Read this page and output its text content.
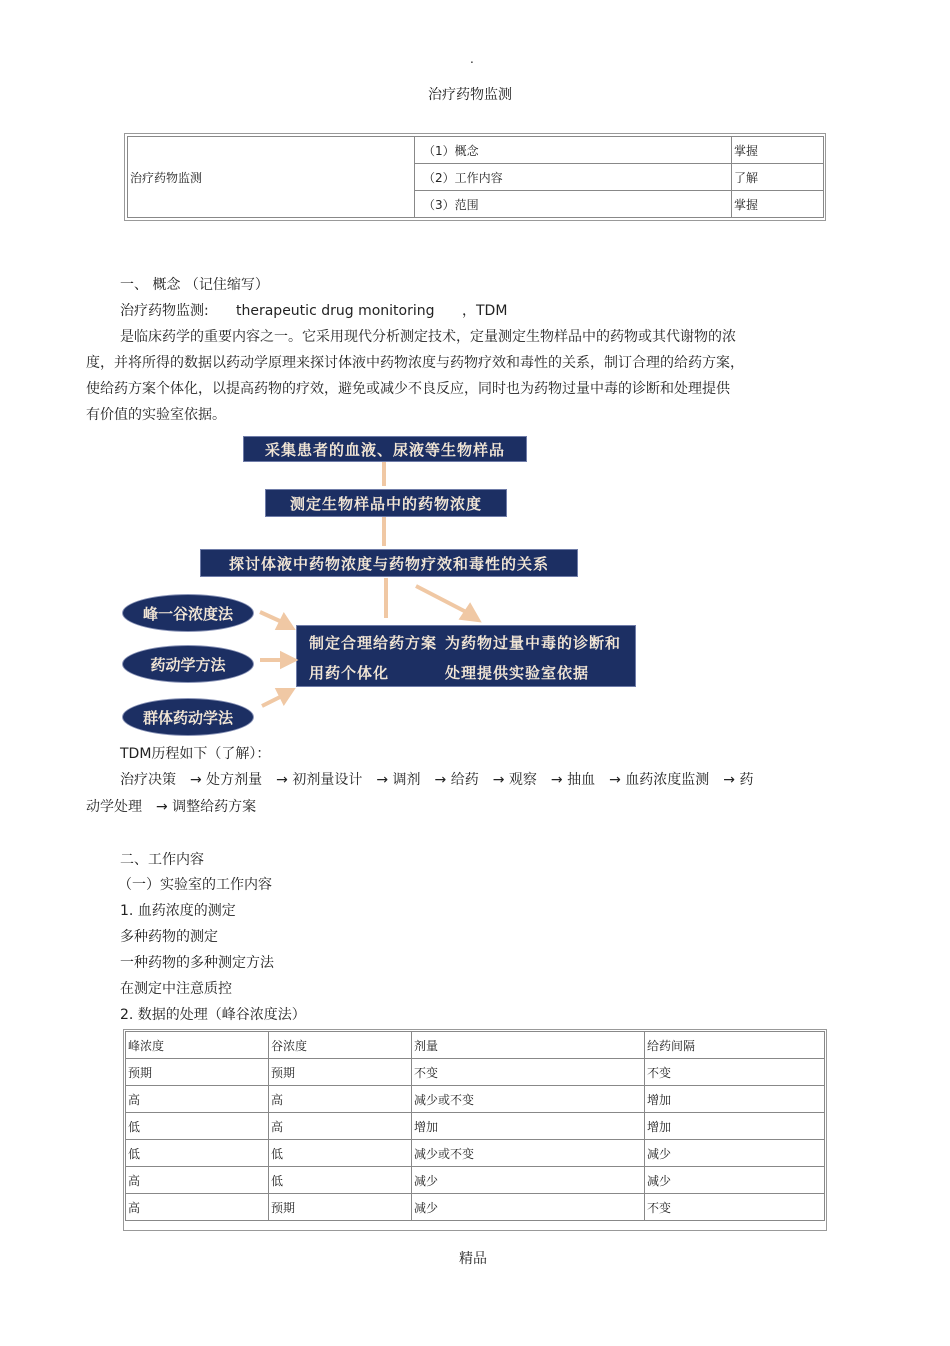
.
治疗药物监测
治疗药物监测	（1）概念	掌握
	（2）工作内容	了解
	（3）范围	掌握
一、 概念 （记住缩写）
治疗药物监测: therapeutic drug monitoring ，TDM
是临床药学的重要内容之一。它采用现代分析测定技术，定量测定生物样品中的药物或其代谢物的浓
度，并将所得的数据以药动学原理来探讨体液中药物浓度与药物疗效和毒性的关系，制订合理的给药方案，
使给药方案个体化，以提高药物的疗效，避免或减少不良反应，同时也为药物过量中毒的诊断和处理提供
有价值的实验室依据。
采集患者的血液、尿液等生物样品
测定生物样品中的药物浓度
探讨体液中药物浓度与药物疗效和毒性的关系
制定合理给药方案
用药个体化
为药物过量中毒的诊断和
处理提供实验室依据
峰一谷浓度法
药动学方法
群体药动学法
TDM历程如下（了解）：
治疗决策　→ 处方剂量　→ 初剂量设计　→ 调剂　→ 给药　→ 观察　→ 抽血　→ 血药浓度监测　→ 药
动学处理　→ 调整给药方案
二、工作内容
（一）实验室的工作内容
1. 血药浓度的测定
多种药物的测定
一种药物的多种测定方法
在测定中注意质控
2. 数据的处理（峰谷浓度法）
峰浓度	谷浓度	剂量	给药间隔
预期	预期	不变	不变
高	高	减少或不变	增加
低	高	增加	增加
低	低	减少或不变	减少
高	低	减少	减少
高	预期	减少	不变
精品
